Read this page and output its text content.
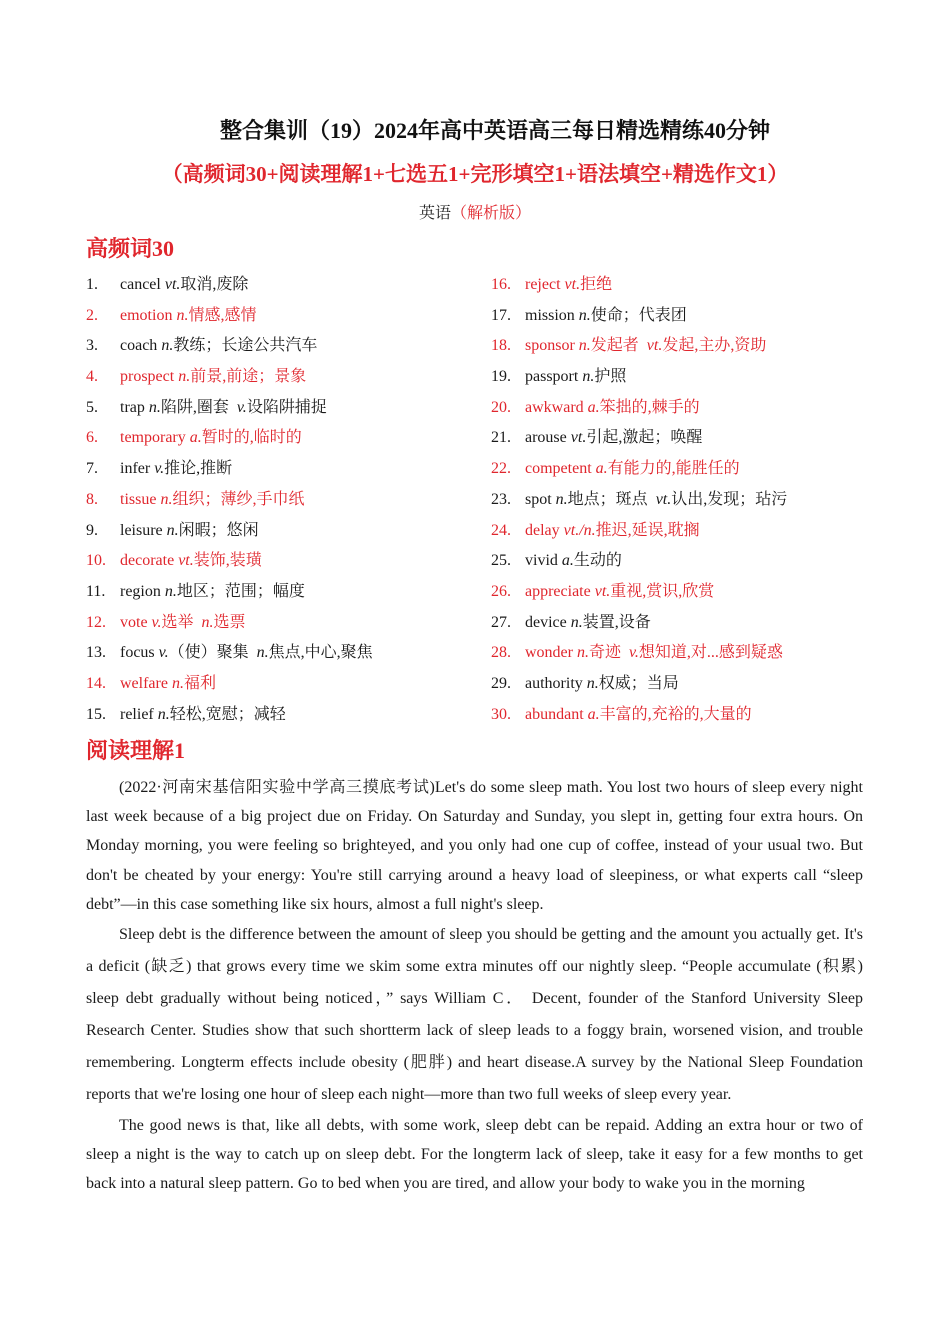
整合集训（19）2024年高中英语高三每日精选精练40分钟
（高频词30+阅读理解1+七选五1+完形填空1+语法填空+精选作文1）
英语（解析版）
高频词30
1.	cancel vt.取消,废除
2.	emotion n.情感,感情
3.	coach n.教练；长途公共汽车
4.	prospect n.前景,前途；景象
5.	trap n.陷阱,圈套 v.设陷阱捕捉
6.	temporary a.暂时的,临时的
7.	infer v.推论,推断
8.	tissue n.组织；薄纱,手巾纸
9.	leisure n.闲暇；悠闲
10. decorate vt.装饰,装璜
11. region n.地区；范围；幅度
12. vote v.选举 n.选票
13. focus v.（使）聚集 n.焦点,中心,聚焦
14. welfare n.福利
15. relief n.轻松,宽慰；减轻
16. reject vt.拒绝
17. mission n.使命；代表团
18. sponsor n.发起者 vt.发起,主办,资助
19. passport n.护照
20. awkward a.笨拙的,棘手的
21. arouse vt.引起,激起；唤醒
22. competent a.有能力的,能胜任的
23. spot n.地点；斑点 vt.认出,发现；玷污
24. delay vt./n.推迟,延误,耽搁
25. vivid a.生动的
26. appreciate vt.重视,赏识,欣赏
27. device n.装置,设备
28. wonder n.奇迹 v.想知道,对...感到疑惑
29. authority n.权威；当局
30. abundant a.丰富的,充裕的,大量的
阅读理解1

(2022·河南宋基信阳实验中学高三摸底考试)Let's do some sleep math. You lost two hours of sleep every night last week because of a big project due on Friday. On Saturday and Sunday, you slept in, getting four extra hours. On Monday morning, you were feeling so brighteyed, and you only had one cup of coffee, instead of your usual two. But don't be cheated by your energy: You're still carrying around a heavy load of sleepiness, or what experts call “sleep debt”—in this case something like six hours, almost a full night's sleep.

Sleep debt is the difference between the amount of sleep you should be getting and the amount you actually get. It's a deficit (缺乏) that grows every time we skim some extra minutes off our nightly sleep. “People accumulate (积累) sleep debt gradually without being noticed，” says William C． Decent, founder of the Stanford University Sleep Research Center. Studies show that such shortterm lack of sleep leads to a foggy brain, worsened vision, and trouble remembering. Longterm effects include obesity (肥胖) and heart disease.A survey by the National Sleep Foundation reports that we're losing one hour of sleep each night—more than two full weeks of sleep every year.

The good news is that, like all debts, with some work, sleep debt can be repaid. Adding an extra hour or two of sleep a night is the way to catch up on sleep debt. For the longterm lack of sleep, take it easy for a few months to get back into a natural sleep pattern. Go to bed when you are tired, and allow your body to wake you in the morning
